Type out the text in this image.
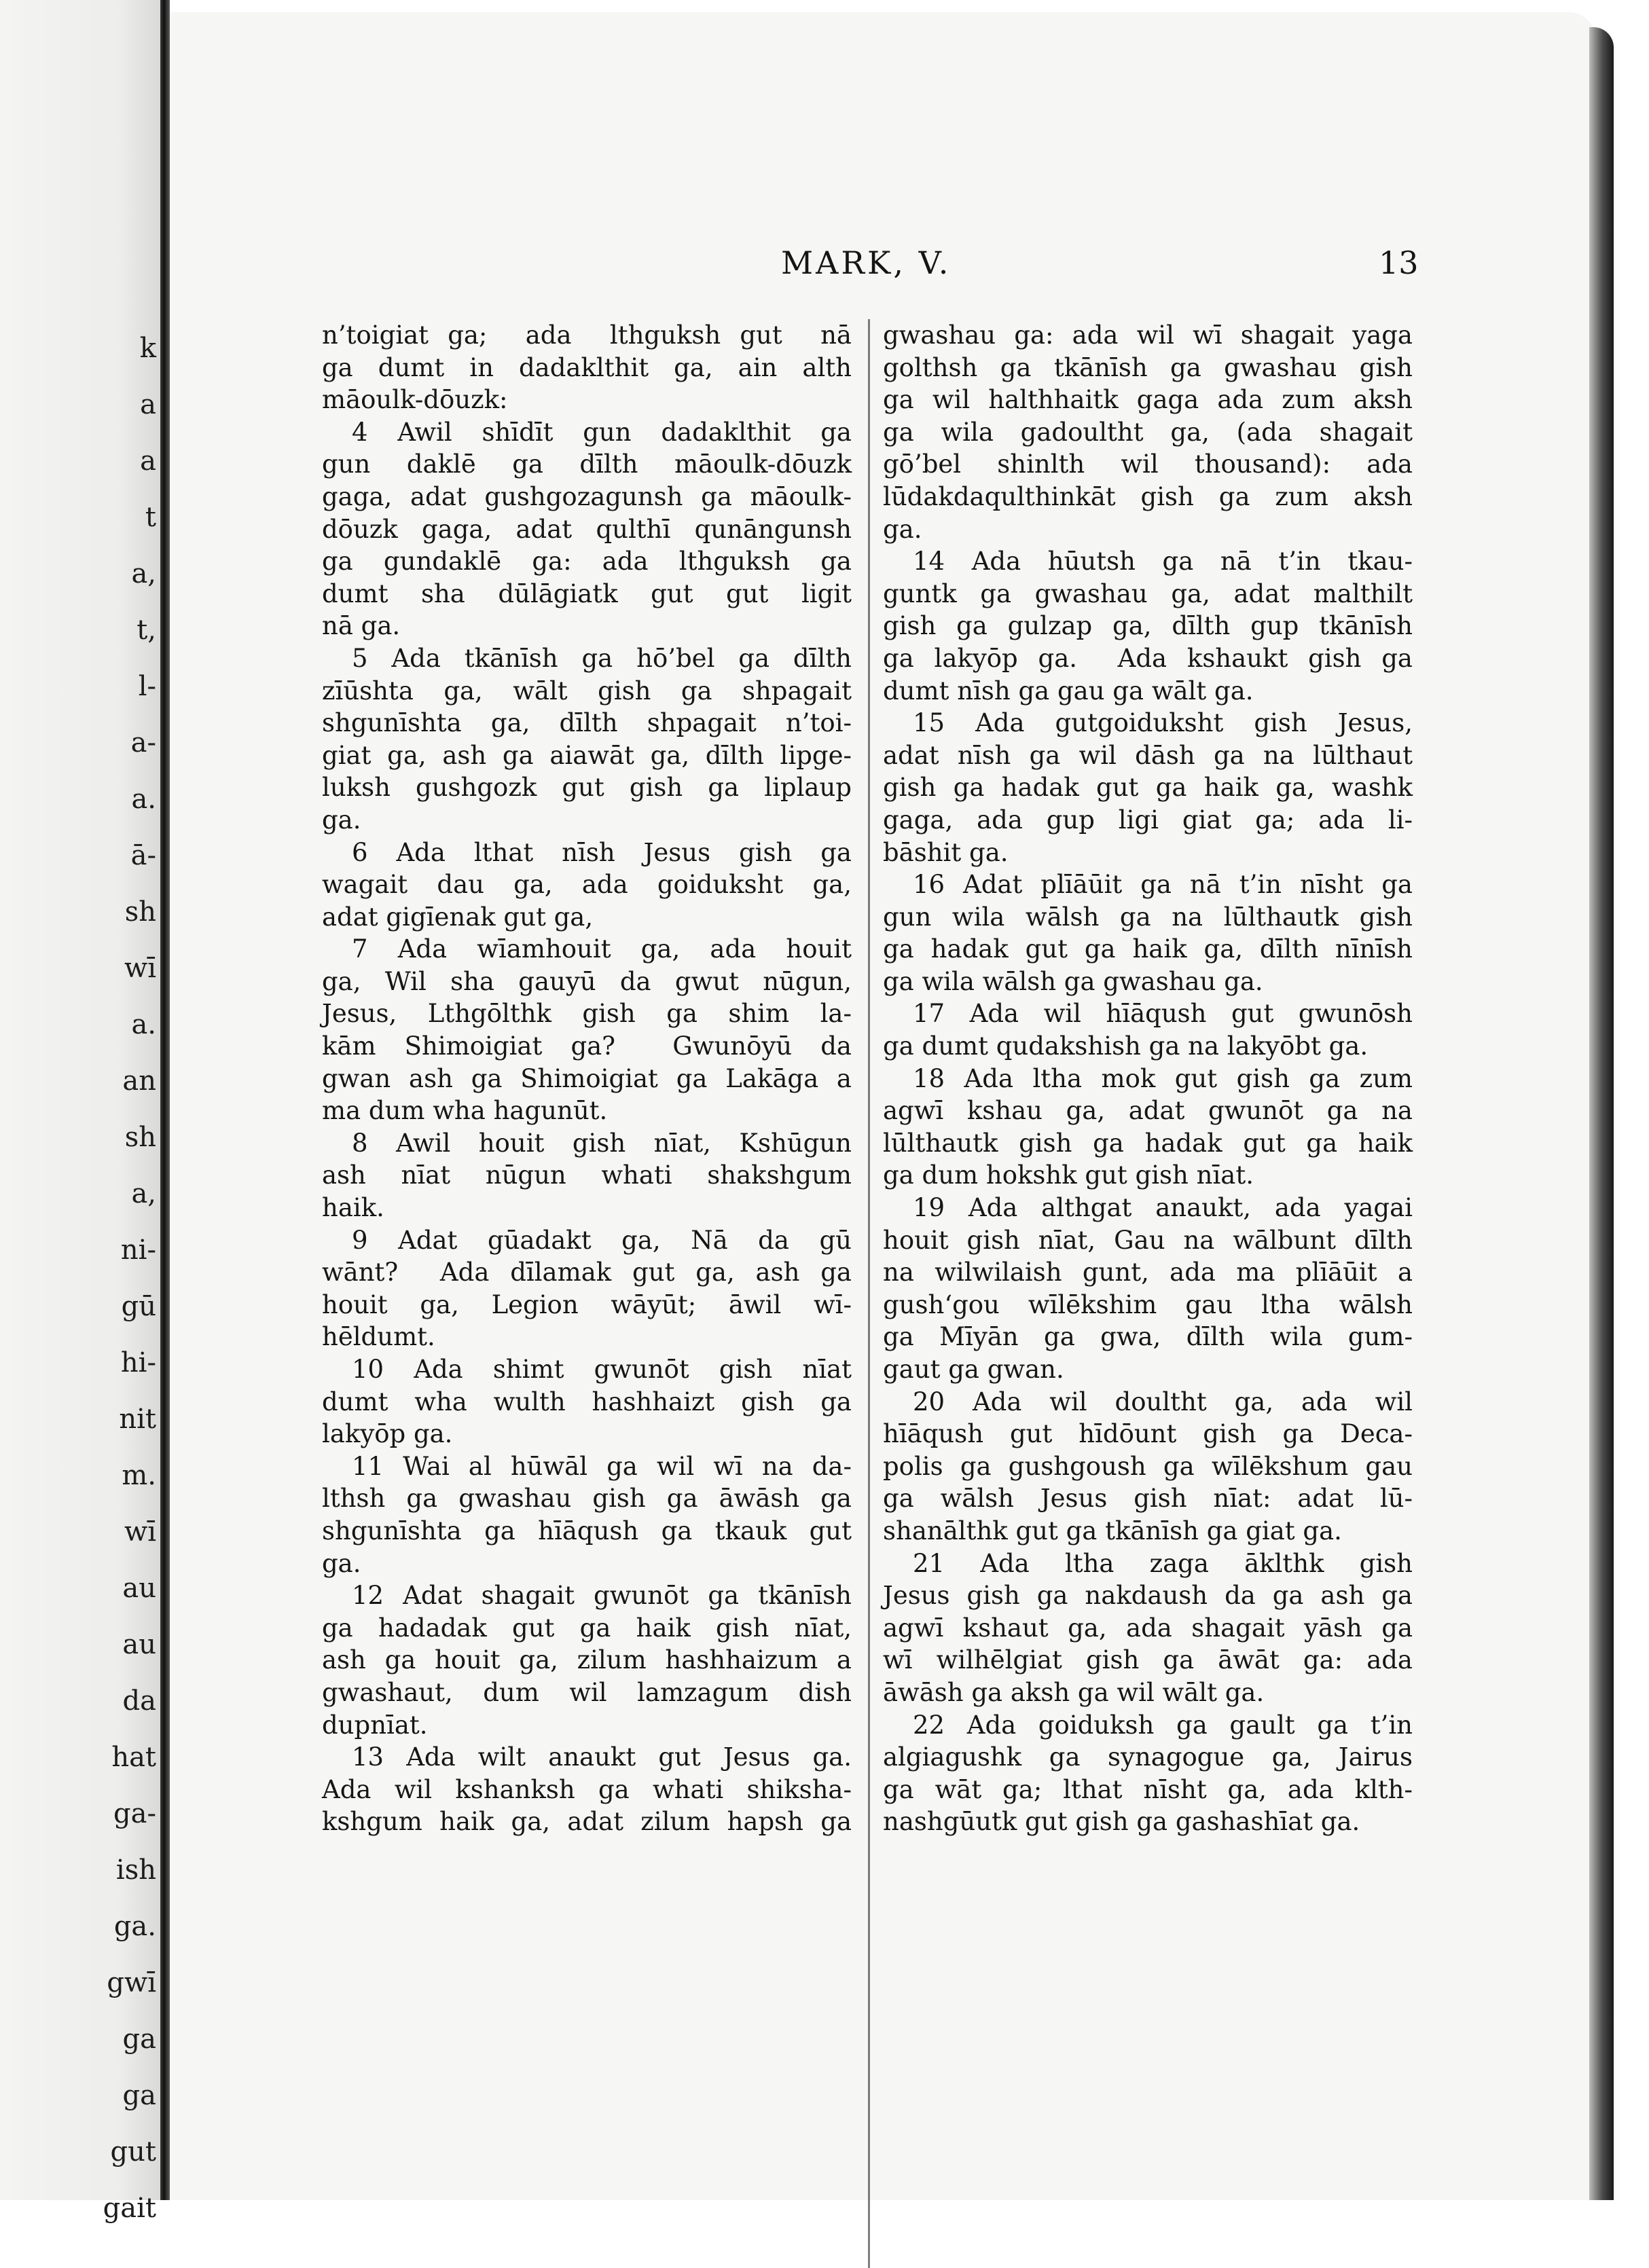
k
a
a
t
a,
t,
l-
a-
a.
ā-
sh
wī
a.
an
sh
a,
ni-
gū
hi-
nit
m.
wī
au
au
da
hat
ga-
ish
ga.
gwī
ga
ga
gut
gait
MARK, V.	13
n’toigiat ga;  ada  lthguksh gut  nā
ga dumt in dadaklthit ga, ain alth
māoulk-dōuzk:
4 Awil shīdīt gun dadaklthit ga
gun daklē ga dīlth māoulk-dōuzk
gaga, adat gushgozagunsh ga māoulk-
dōuzk gaga, adat qulthī qunāngunsh
ga gundaklē ga: ada lthguksh ga
dumt sha dūlāgiatk gut gut ligit
nā ga.
5 Ada tkānīsh ga hō’bel ga dīlth
zīūshta ga, wālt gish ga shpagait
shgunīshta ga, dīlth shpagait n’toi-
giat ga, ash ga aiawāt ga, dīlth lipge-
luksh gushgozk gut gish ga liplaup
ga.
6 Ada lthat nīsh Jesus gish ga
wagait dau ga, ada goiduksht ga,
adat gigīenak gut ga,
7 Ada wīamhouit ga, ada houit
ga, Wil sha gauyū da gwut nūgun,
Jesus, Lthgōlthk gish ga shim la-
kām Shimoigiat ga?  Gwunōyū da
gwan ash ga Shimoigiat ga Lakāga a
ma dum wha hagunūt.
8 Awil houit gish nīat, Kshūgun
ash nīat nūgun whati shakshgum
haik.
9 Adat gūadakt ga, Nā da gū
wānt?  Ada dīlamak gut ga, ash ga
houit ga, Legion wāyūt; āwil wī-
hēldumt.
10 Ada shimt gwunōt gish nīat
dumt wha wulth hashhaizt gish ga
lakyōp ga.
11 Wai al hūwāl ga wil wī na da-
lthsh ga gwashau gish ga āwāsh ga
shgunīshta ga hīāqush ga tkauk gut
ga.
12 Adat shagait gwunōt ga tkānīsh
ga hadadak gut ga haik gish nīat,
ash ga houit ga, zilum hashhaizum a
gwashaut, dum wil lamzagum dish
dupnīat.
13 Ada wilt anaukt gut Jesus ga.
Ada wil kshanksh ga whati shiksha-
kshgum haik ga, adat zilum hapsh ga
gwashau ga: ada wil wī shagait yaga
golthsh ga tkānīsh ga gwashau gish
ga wil halthhaitk gaga ada zum aksh
ga wila gadoultht ga, (ada shagait
gō’bel shinlth wil thousand): ada
lūdakdaqulthinkāt gish ga zum aksh
ga.
14 Ada hūutsh ga nā t’in tkau-
guntk ga gwashau ga, adat malthilt
gish ga gulzap ga, dīlth gup tkānīsh
ga lakyōp ga.  Ada kshaukt gish ga
dumt nīsh ga gau ga wālt ga.
15 Ada gutgoiduksht gish Jesus,
adat nīsh ga wil dāsh ga na lūlthaut
gish ga hadak gut ga haik ga, washk
gaga, ada gup ligi giat ga; ada li-
bāshit ga.
16 Adat plīāūit ga nā t’in nīsht ga
gun wila wālsh ga na lūlthautk gish
ga hadak gut ga haik ga, dīlth nīnīsh
ga wila wālsh ga gwashau ga.
17 Ada wil hīāqush gut gwunōsh
ga dumt qudakshish ga na lakyōbt ga.
18 Ada ltha mok gut gish ga zum
agwī kshau ga, adat gwunōt ga na
lūlthautk gish ga hadak gut ga haik
ga dum hokshk gut gish nīat.
19 Ada althgat anaukt, ada yagai
houit gish nīat, Gau na wālbunt dīlth
na wilwilaish gunt, ada ma plīāūit a
gush‘gou wīlēkshim gau ltha wālsh
ga Mīyān ga gwa, dīlth wila gum-
gaut ga gwan.
20 Ada wil doultht ga, ada wil
hīāqush gut hīdōunt gish ga Deca-
polis ga gushgoush ga wīlēkshum gau
ga wālsh Jesus gish nīat: adat lū-
shanālthk gut ga tkānīsh ga giat ga.
21 Ada ltha zaga āklthk gish
Jesus gish ga nakdaush da ga ash ga
agwī kshaut ga, ada shagait yāsh ga
wī wilhēlgiat gish ga āwāt ga: ada
āwāsh ga aksh ga wil wālt ga.
22 Ada goiduksh ga gault ga t’in
algiagushk ga synagogue ga, Jairus
ga wāt ga; lthat nīsht ga, ada klth-
nashgūutk gut gish ga gashashīat ga.
